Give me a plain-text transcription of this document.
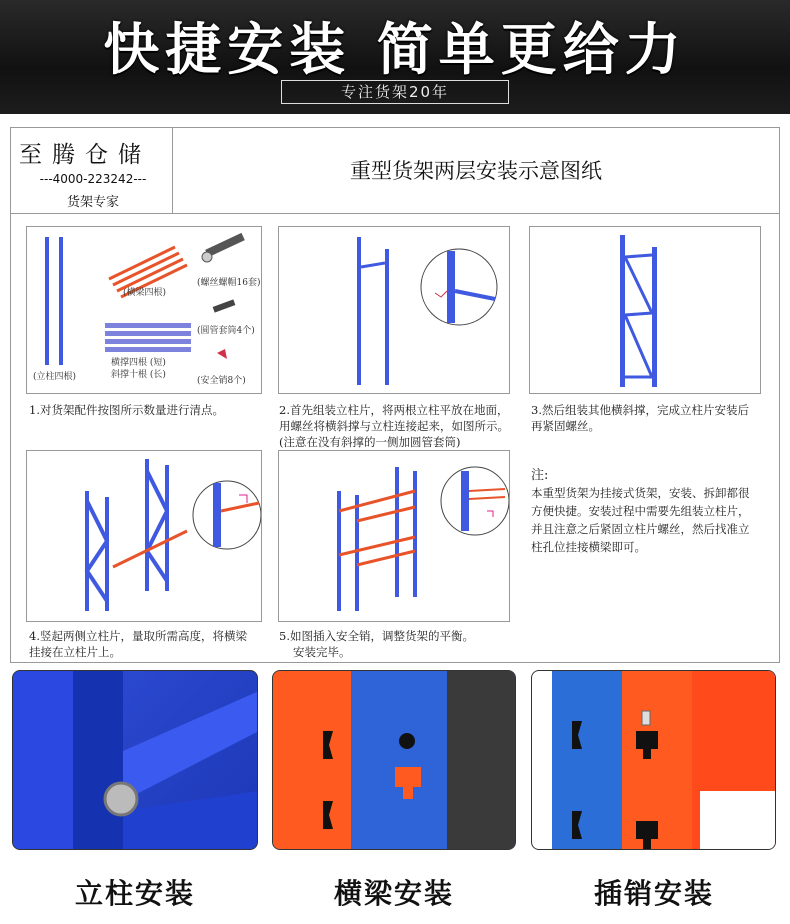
快捷安装 简单更给力
专注货架20年
至腾仓储
---4000-223242---
货架专家
重型货架两层安装示意图纸
(立柱四根)
(横梁四根)
(螺丝螺帽16套)
(圆管套筒4个)
横撑四根 (短)
斜撑十根 (长)
(安全销8个)
1.对货架配件按图所示数量进行清点。	2.首先组装立柱片，将两根立柱平放在地面，
用螺丝将横斜撑与立柱连接起来，如图所示。
(注意在没有斜撑的一侧加圆管套筒)
3.然后组装其他横斜撑，完成立柱片安装后
再紧固螺丝。
4.竖起两侧立柱片，量取所需高度，将横梁
挂接在立柱片上。
5.如图插入安全销，调整货架的平衡。
安装完毕。
注:
本重型货架为挂接式货架，安装、拆卸都很
方便快捷。安装过程中需要先组装立柱片，
并且注意之后紧固立柱片螺丝，然后找准立
柱孔位挂接横梁即可。
立柱安装	横梁安装	插销安装
